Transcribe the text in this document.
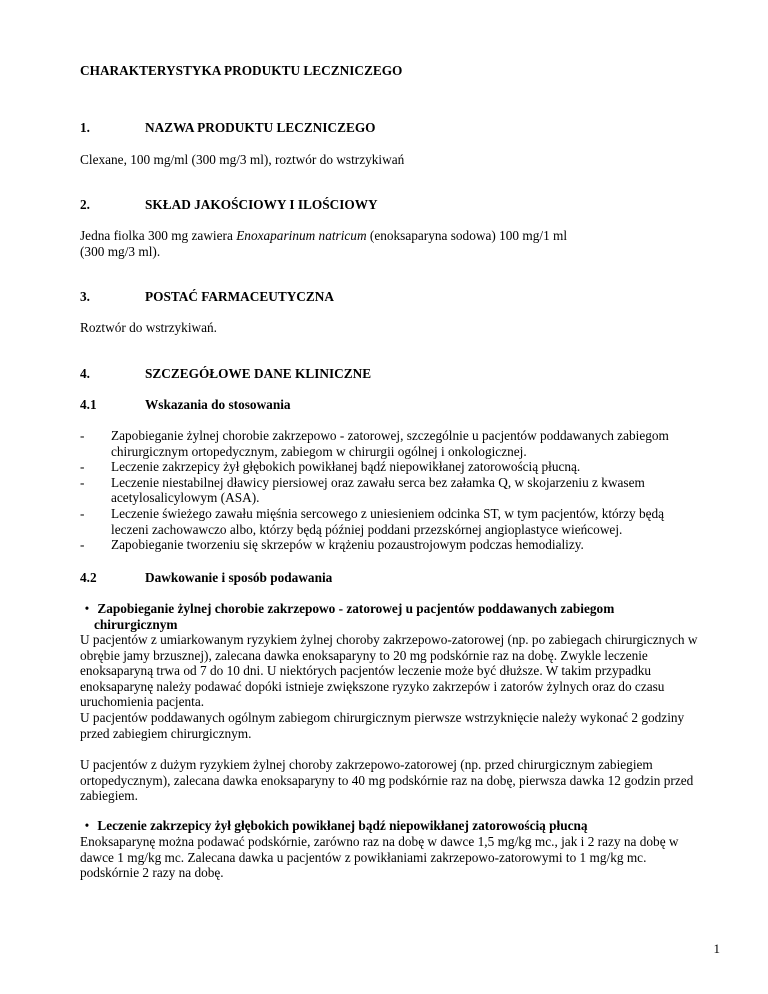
CHARAKTERYSTYKA PRODUKTU LECZNICZEGO
1.	NAZWA PRODUKTU LECZNICZEGO
Clexane, 100 mg/ml (300 mg/3 ml), roztwór do wstrzykiwań
2.	SKŁAD JAKOŚCIOWY I ILOŚCIOWY
Jedna fiolka 300 mg zawiera Enoxaparinum natricum (enoksaparyna sodowa) 100 mg/1 ml
(300 mg/3 ml).
3.	POSTAĆ FARMACEUTYCZNA
Roztwór do wstrzykiwań.
4.	SZCZEGÓŁOWE DANE KLINICZNE
4.1	Wskazania do stosowania
- Zapobieganie żylnej chorobie zakrzepowo - zatorowej, szczególnie u pacjentów poddawanych zabiegom chirurgicznym ortopedycznym, zabiegom w chirurgii ogólnej i onkologicznej.
- Leczenie zakrzepicy żył głębokich powikłanej bądź niepowikłanej zatorowością płucną.
- Leczenie niestabilnej dławicy piersiowej oraz zawału serca bez załamka Q, w skojarzeniu z kwasem acetylosalicylowym (ASA).
- Leczenie świeżego zawału mięśnia sercowego z uniesieniem odcinka ST, w tym pacjentów, którzy będą leczeni zachowawczo albo, którzy będą później poddani przezskórnej angioplastyce wieńcowej.
- Zapobieganie tworzeniu się skrzepów w krążeniu pozaustrojowym podczas hemodializy.
4.2	Dawkowanie i sposób podawania
• Zapobieganie żylnej chorobie zakrzepowo - zatorowej u pacjentów poddawanych zabiegom
chirurgicznym
U pacjentów z umiarkowanym ryzykiem żylnej choroby zakrzepowo-zatorowej (np. po zabiegach chirurgicznych w obrębie jamy brzusznej), zalecana dawka enoksaparyny to 20 mg podskórnie raz na dobę. Zwykle leczenie enoksaparyną trwa od 7 do 10 dni. U niektórych pacjentów leczenie może być dłuższe. W takim przypadku enoksaparynę należy podawać dopóki istnieje zwiększone ryzyko zakrzepów i zatorów żylnych oraz do czasu uruchomienia pacjenta.
U pacjentów poddawanych ogólnym zabiegom chirurgicznym pierwsze wstrzyknięcie należy wykonać 2 godziny przed zabiegiem chirurgicznym.
U pacjentów z dużym ryzykiem żylnej choroby zakrzepowo-zatorowej (np. przed chirurgicznym zabiegiem ortopedycznym), zalecana dawka enoksaparyny to 40 mg podskórnie raz na dobę, pierwsza dawka 12 godzin przed zabiegiem.
• Leczenie zakrzepicy żył głębokich powikłanej bądź niepowikłanej zatorowością płucną
Enoksaparynę można podawać podskórnie, zarówno raz na dobę w dawce 1,5 mg/kg mc., jak i 2 razy na dobę w dawce 1 mg/kg mc. Zalecana dawka u pacjentów z powikłaniami zakrzepowo-zatorowymi to 1 mg/kg mc. podskórnie 2 razy na dobę.
1
